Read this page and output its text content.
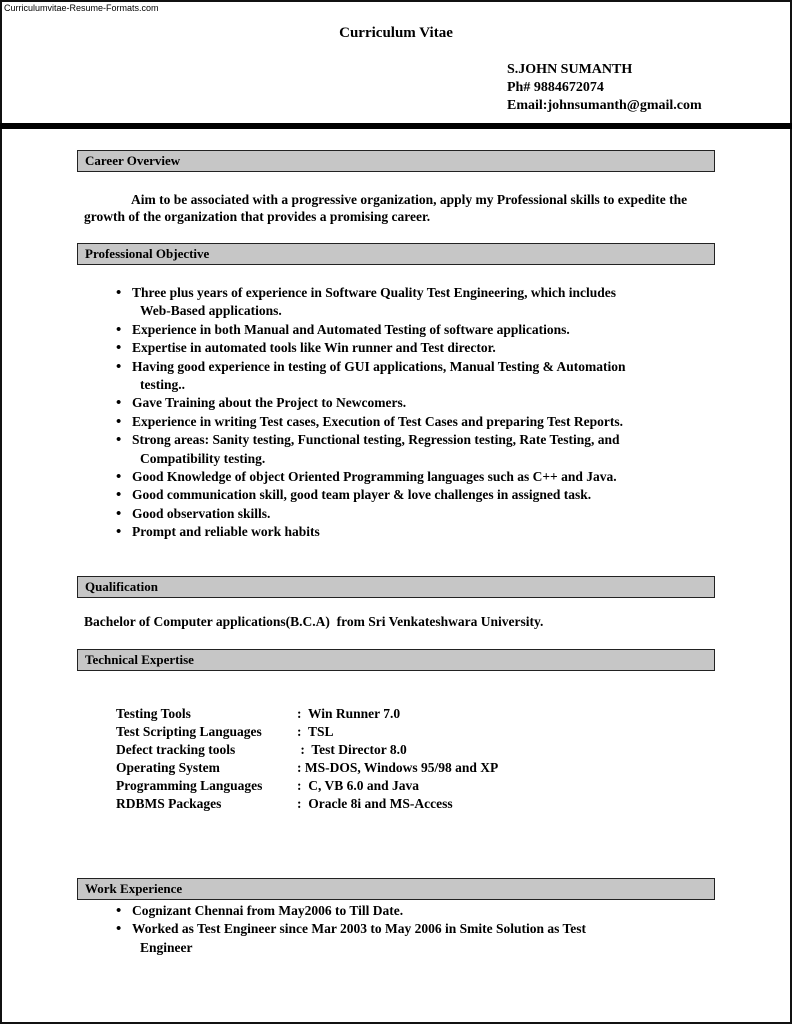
Curriculumvitae-Resume-Formats.com
Curriculum Vitae
S.JOHN SUMANTH
Ph# 9884672074
Email:johnsumanth@gmail.com
Career Overview
Aim to be associated with a progressive organization, apply my Professional skills to expedite the growth of the organization that provides a promising career.
Professional Objective
• Three plus years of experience in Software Quality Test Engineering, which includes
Web-Based applications.
• Experience in both Manual and Automated Testing of software applications.
• Expertise in automated tools like Win runner and Test director.
• Having good experience in testing of GUI applications, Manual Testing & Automation
testing..
• Gave Training about the Project to Newcomers.
• Experience in writing Test cases, Execution of Test Cases and preparing Test Reports.
• Strong areas: Sanity testing, Functional testing, Regression testing, Rate Testing, and
Compatibility testing.
• Good Knowledge of object Oriented Programming languages such as C++ and Java.
• Good communication skill, good team player & love challenges in assigned task.
• Good observation skills.
• Prompt and reliable work habits
Qualification
Bachelor of Computer applications(B.C.A)  from Sri Venkateshwara University.
Technical Expertise
Testing Tools	:  Win Runner 7.0
Test Scripting Languages	:  TSL
Defect tracking tools	:  Test Director 8.0
Operating System	: MS-DOS, Windows 95/98 and XP
Programming Languages	:  C, VB 6.0 and Java
RDBMS Packages	:  Oracle 8i and MS-Access
Work Experience
• Cognizant Chennai from May2006 to Till Date.
• Worked as Test Engineer since Mar 2003 to May 2006 in Smite Solution as Test
Engineer
